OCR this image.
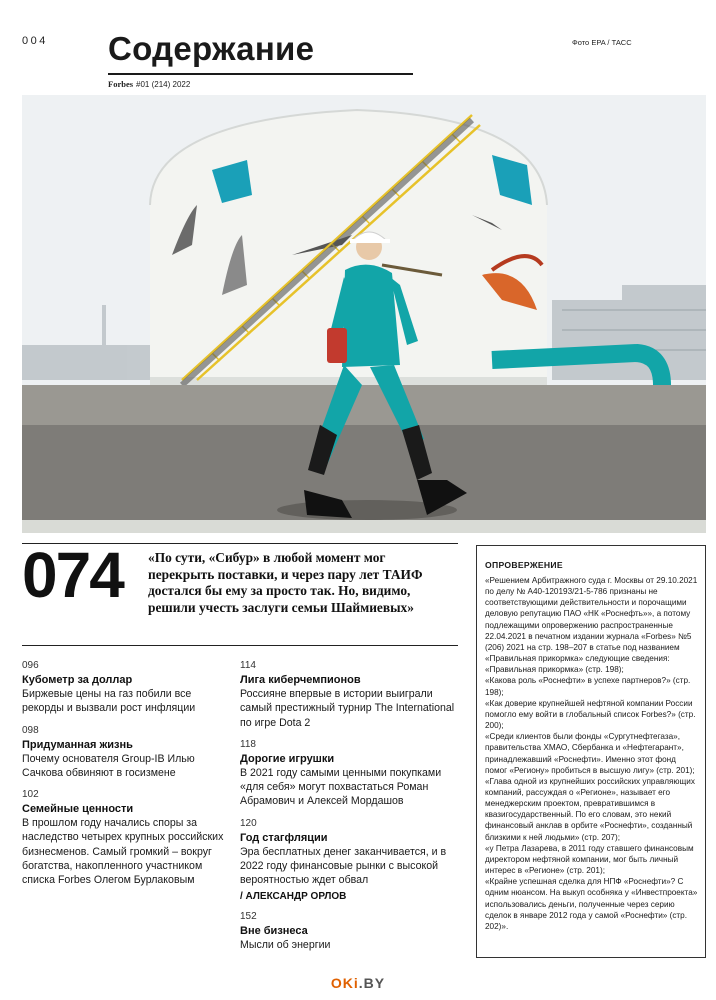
004 Содержание
Forbes #01 (214) 2022
Фото EPA / ТАСС
074 «По сути, «Сибур» в любой момент мог перекрыть поставки, и через пару лет ТАИФ достался бы ему за просто так. Но, видимо, решили учесть заслуги семьи Шаймиевых»
096
Кубометр за доллар
Биржевые цены на газ побили все рекорды и вызвали рост инфляции
098
Придуманная жизнь
Почему основателя Group-IB Илью Сачкова обвиняют в госизмене
102
Семейные ценности
В прошлом году начались споры за наследство четырех крупных российских бизнесменов. Самый громкий – вокруг богатства, накопленного участником списка Forbes Олегом Бурлаковым
114
Лига киберчемпионов
Россияне впервые в истории выиграли самый престижный турнир The International по игре Dota 2
118
Дорогие игрушки
В 2021 году самыми ценными покупками «для себя» могут похвастаться Роман Абрамович и Алексей Мордашов
120
Год стагфляции
Эра бесплатных денег заканчивается, и в 2022 году финансовые рынки с высокой вероятностью ждет обвал
/ АЛЕКСАНДР ОРЛОВ
152
Вне бизнеса
Мысли об энергии
ОПРОВЕРЖЕНИЕ
«Решением Арбитражного суда г. Москвы от 29.10.2021 по делу № А40-120193/21-5-786 признаны не соответствующими действительности и порочащими деловую репутацию ПАО «НК «Роснефть»», а потому подлежащими опровержению распространенные 22.04.2021 в печатном издании журнала «Forbes» №5 (206) 2021 на стр. 198–207 в статье под названием «Правильная прикормка» следующие сведения:
«Правильная прикормка» (стр. 198);
«Какова роль «Роснефти» в успехе партнеров?» (стр. 198);
«Как доверие крупнейшей нефтяной компании России помогло ему войти в глобальный список Forbes?» (стр. 200);
«Среди клиентов были фонды «Сургутнефтегаза», правительства ХМАО, Сбербанка и «Нефтегарант», принадлежавший «Роснефти». Именно этот фонд помог «Региону» пробиться в высшую лигу» (стр. 201);
«Глава одной из крупнейших российских управляющих компаний, рассуждая о «Регионе», называет его менеджерским проектом, превратившимся в квазигосударственный. По его словам, это некий финансовый анклав в орбите «Роснефти», созданный близкими к ней людьми» (стр. 207);
«у Петра Лазарева, в 2011 году ставшего финансовым директором нефтяной компании, мог быть личный интерес в «Регионе» (стр. 201);
«Крайне успешная сделка для НПФ «Роснефти»? С одним нюансом. На выкуп особняка у «Инвестпроекта» использовались деньги, полученные через серию сделок в январе 2012 года у самой «Роснефти» (стр. 202)».
OKi.BY
